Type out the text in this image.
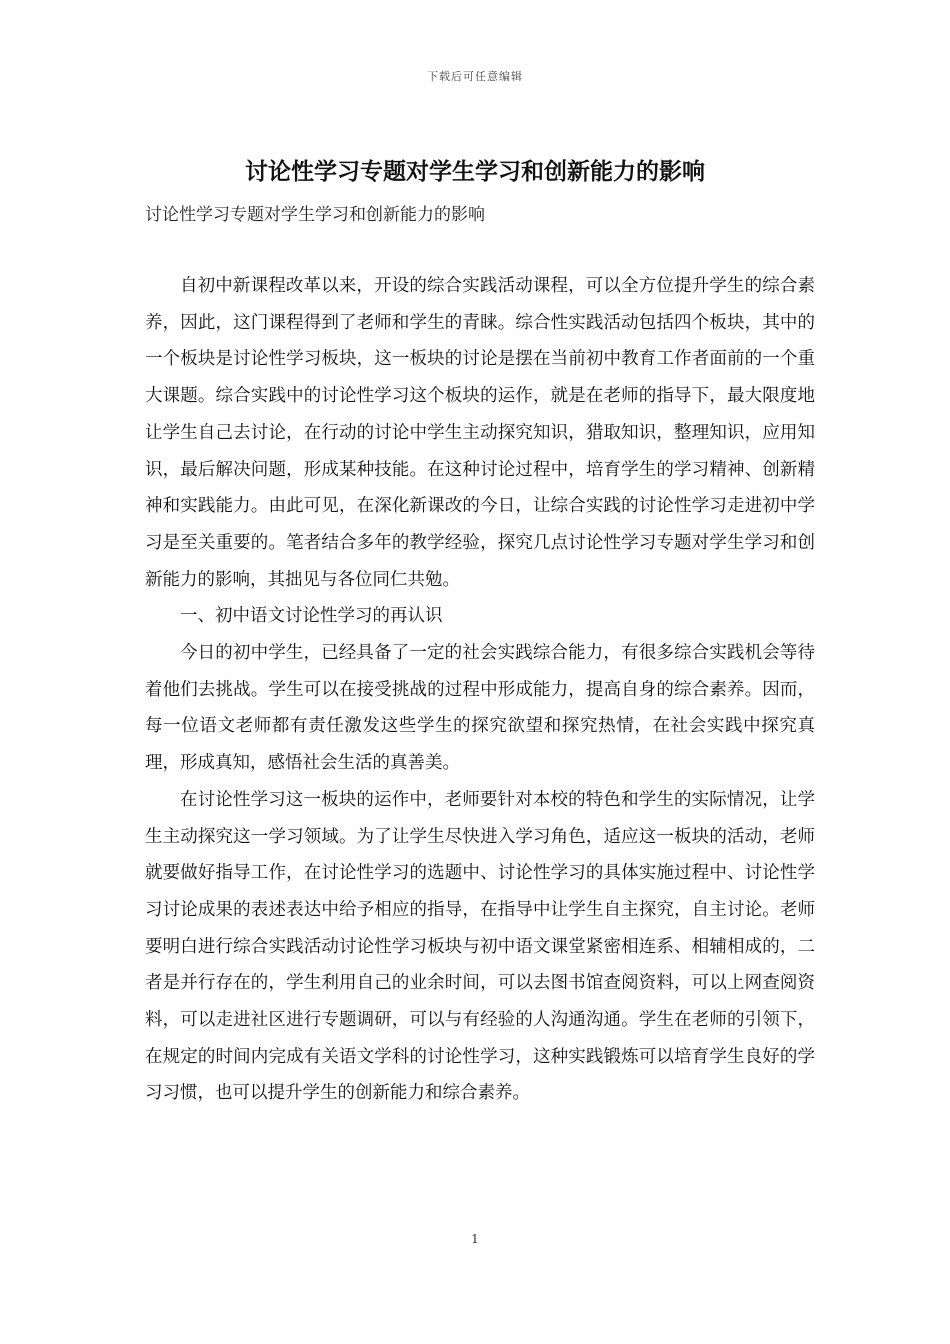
下载后可任意编辑
讨论性学习专题对学生学习和创新能力的影响
讨论性学习专题对学生学习和创新能力的影响

自初中新课程改革以来，开设的综合实践活动课程，可以全方位提升学生的综合素养，因此，这门课程得到了老师和学生的青睐。综合性实践活动包括四个板块，其中的一个板块是讨论性学习板块，这一板块的讨论是摆在当前初中教育工作者面前的一个重大课题。综合实践中的讨论性学习这个板块的运作，就是在老师的指导下，最大限度地让学生自己去讨论，在行动的讨论中学生主动探究知识，猎取知识，整理知识，应用知识，最后解决问题，形成某种技能。在这种讨论过程中，培育学生的学习精神、创新精神和实践能力。由此可见，在深化新课改的今日，让综合实践的讨论性学习走进初中学习是至关重要的。笔者结合多年的教学经验，探究几点讨论性学习专题对学生学习和创新能力的影响，其拙见与各位同仁共勉。

一、初中语文讨论性学习的再认识

今日的初中学生，已经具备了一定的社会实践综合能力，有很多综合实践机会等待着他们去挑战。学生可以在接受挑战的过程中形成能力，提高自身的综合素养。因而，每一位语文老师都有责任激发这些学生的探究欲望和探究热情，在社会实践中探究真理，形成真知，感悟社会生活的真善美。

在讨论性学习这一板块的运作中，老师要针对本校的特色和学生的实际情况，让学生主动探究这一学习领域。为了让学生尽快进入学习角色，适应这一板块的活动，老师就要做好指导工作，在讨论性学习的选题中、讨论性学习的具体实施过程中、讨论性学习讨论成果的表述表达中给予相应的指导，在指导中让学生自主探究，自主讨论。老师要明白进行综合实践活动讨论性学习板块与初中语文课堂紧密相连系、相辅相成的，二者是并行存在的，学生利用自己的业余时间，可以去图书馆查阅资料，可以上网查阅资料，可以走进社区进行专题调研，可以与有经验的人沟通沟通。学生在老师的引领下，在规定的时间内完成有关语文学科的讨论性学习，这种实践锻炼可以培育学生良好的学习习惯，也可以提升学生的创新能力和综合素养。

1
